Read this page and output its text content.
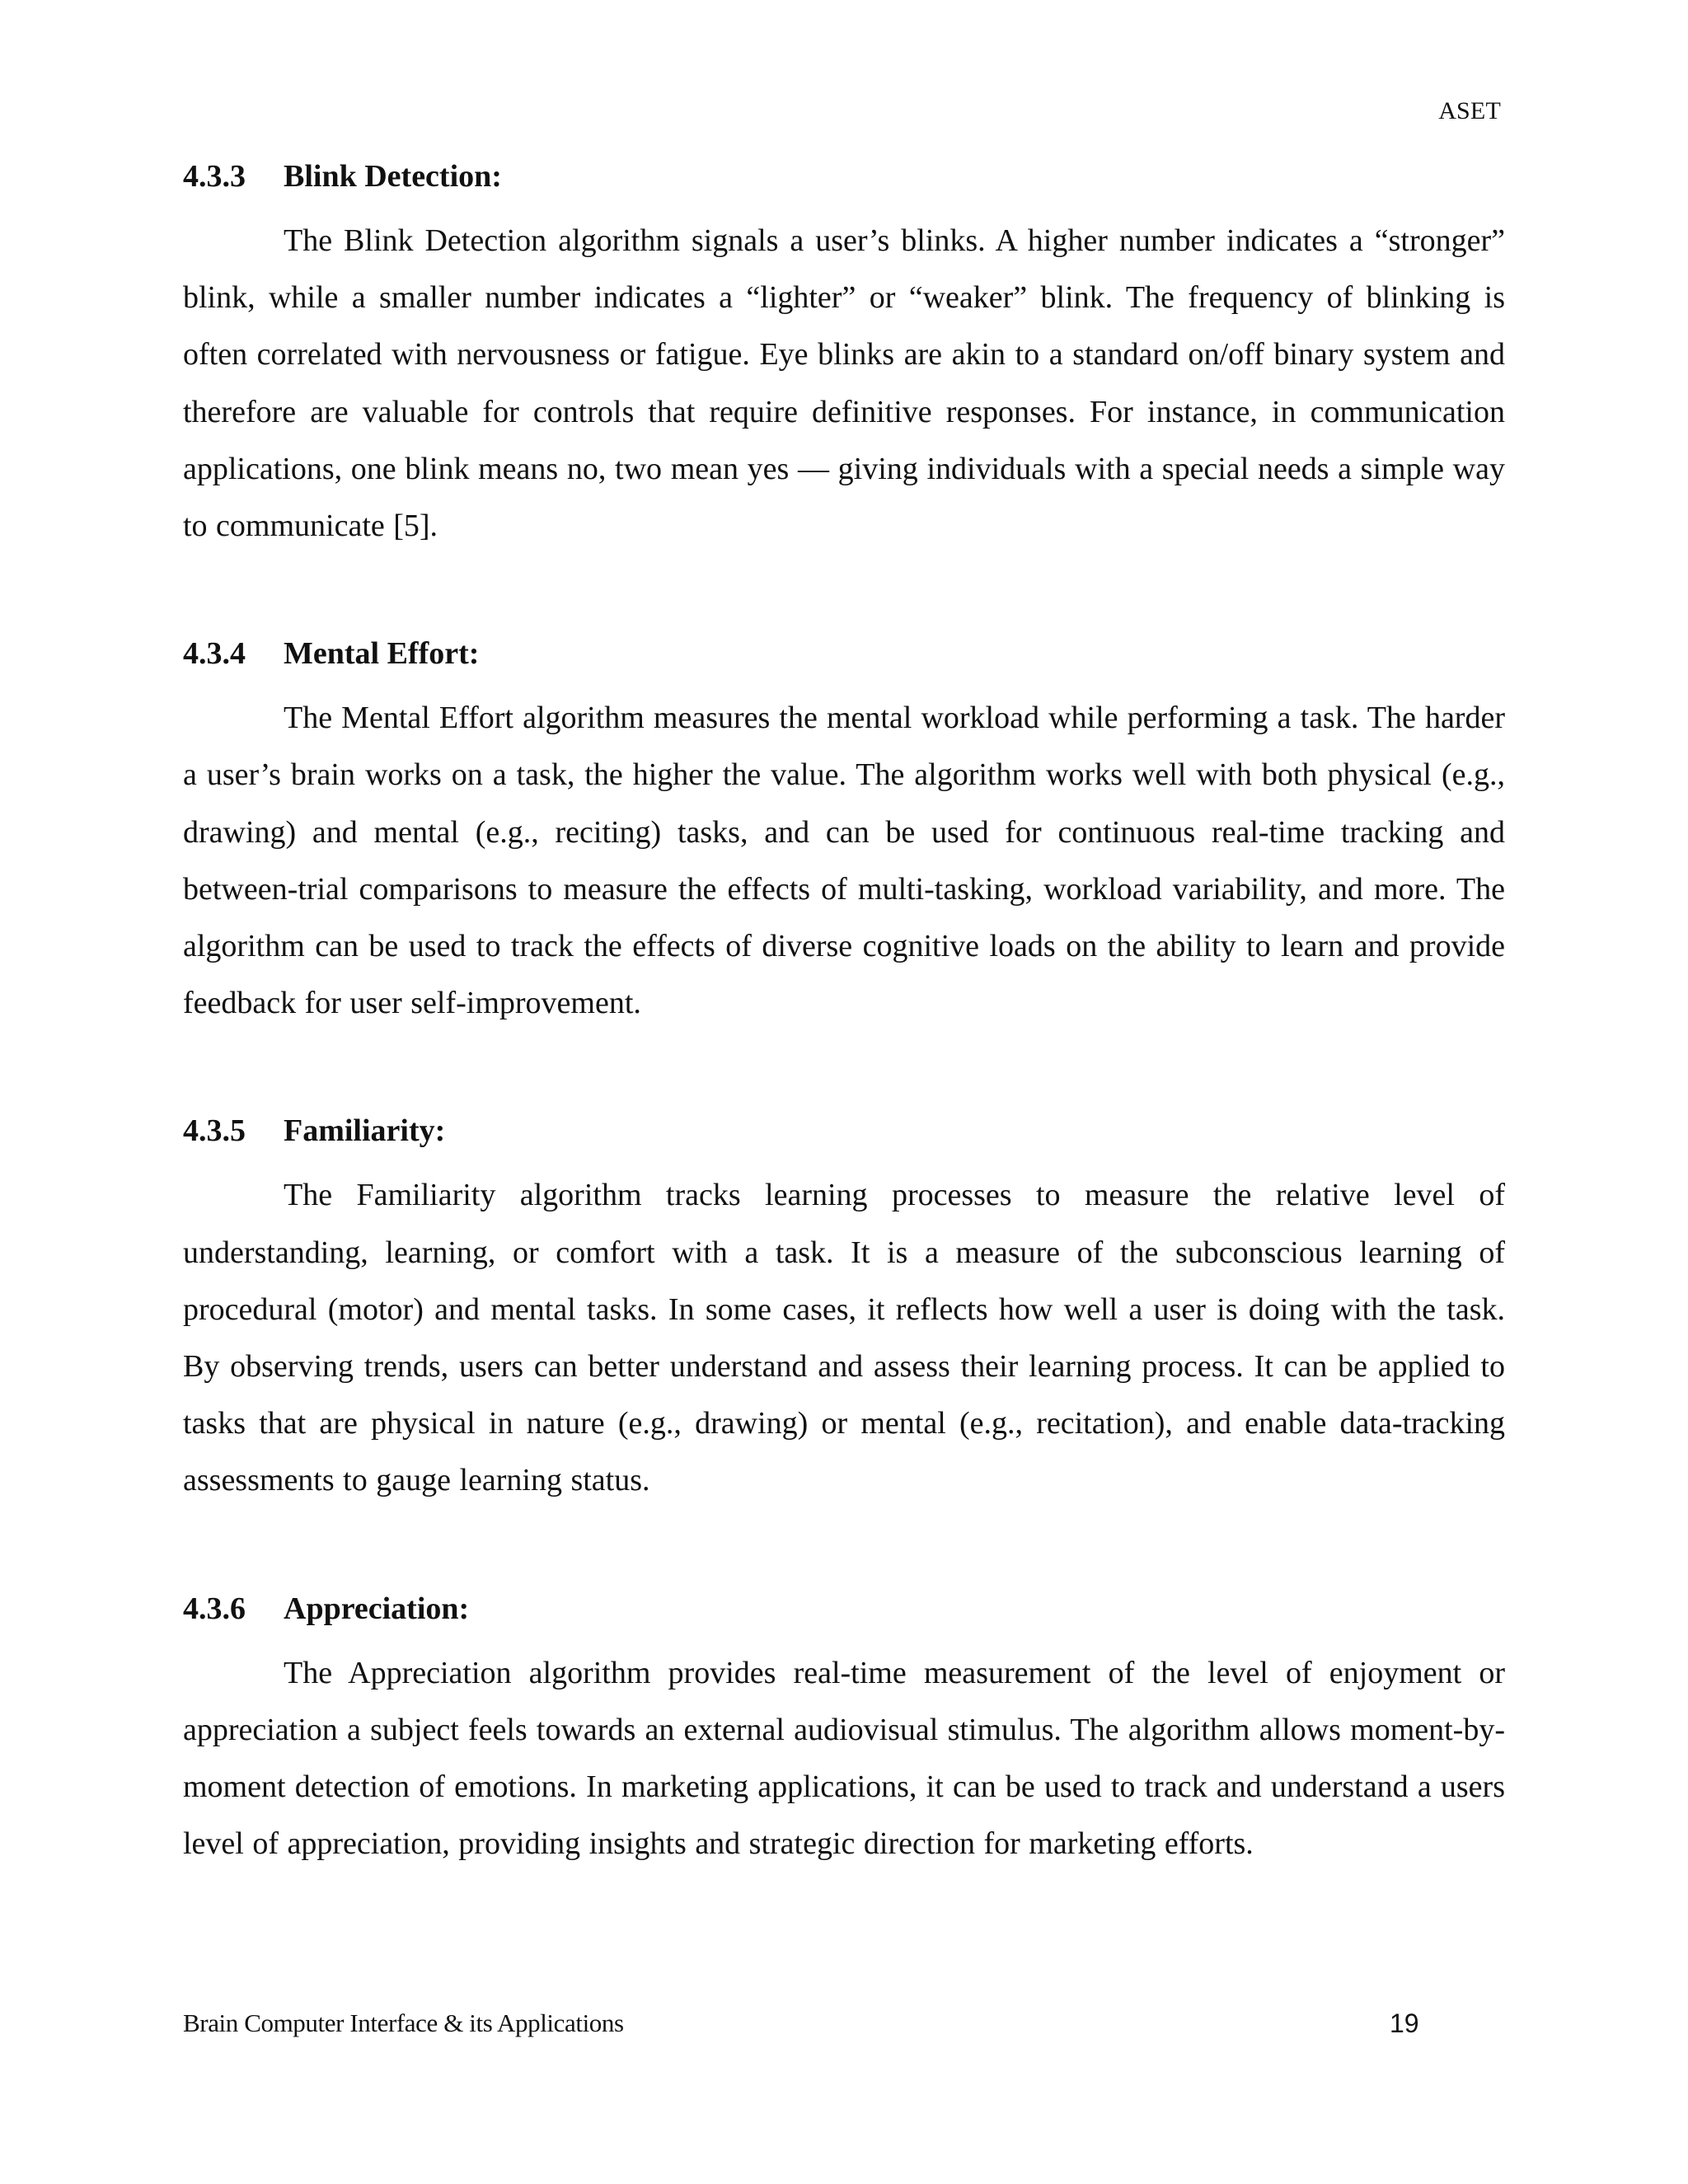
ASET
4.3.3	Blink Detection:

The Blink Detection algorithm signals a user’s blinks. A higher number indicates a “stronger” blink, while a smaller number indicates a “lighter” or “weaker” blink. The frequency of blinking is often correlated with nervousness or fatigue. Eye blinks are akin to a standard on/off binary system and therefore are valuable for controls that require definitive responses. For instance, in communication applications, one blink means no, two mean yes — giving individuals with a special needs a simple way to communicate [5].

4.3.4	Mental Effort:

The Mental Effort algorithm measures the mental workload while performing a task. The harder a user’s brain works on a task, the higher the value. The algorithm works well with both physical (e.g., drawing) and mental (e.g., reciting) tasks, and can be used for continuous real-time tracking and between-trial comparisons to measure the effects of multi-tasking, workload variability, and more. The algorithm can be used to track the effects of diverse cognitive loads on the ability to learn and provide feedback for user self-improvement.

4.3.5	Familiarity:

The Familiarity algorithm tracks learning processes to measure the relative level of understanding, learning, or comfort with a task. It is a measure of the subconscious learning of procedural (motor) and mental tasks. In some cases, it reflects how well a user is doing with the task. By observing trends, users can better understand and assess their learning process. It can be applied to tasks that are physical in nature (e.g., drawing) or mental (e.g., recitation), and enable data-tracking assessments to gauge learning status.

4.3.6	Appreciation:

The Appreciation algorithm provides real-time measurement of the level of enjoyment or appreciation a subject feels towards an external audiovisual stimulus. The algorithm allows moment-by-moment detection of emotions. In marketing applications, it can be used to track and understand a users level of appreciation, providing insights and strategic direction for marketing efforts.

Brain Computer Interface & its Applications	19
